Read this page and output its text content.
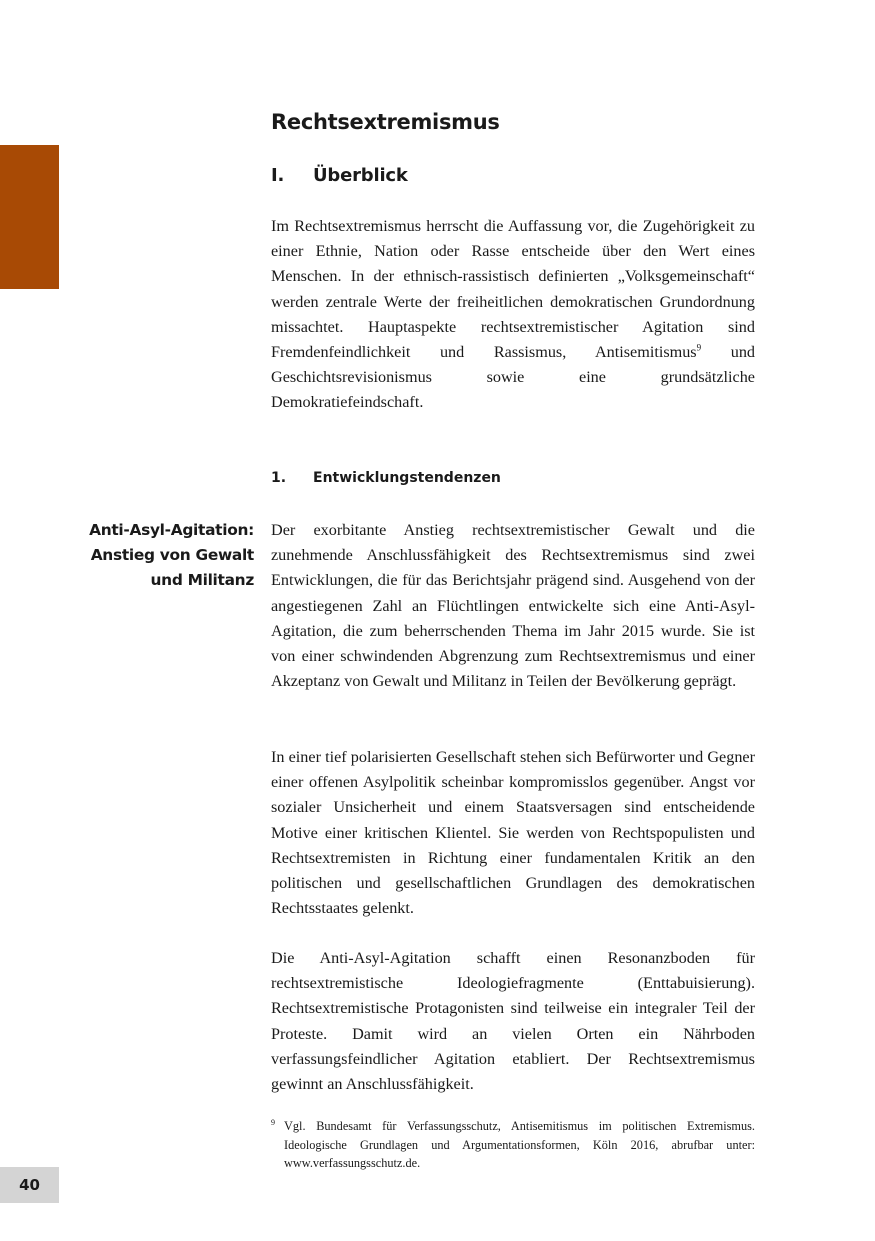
Rechtsextremismus
I. Überblick

Im Rechtsextremismus herrscht die Auffassung vor, die Zugehörigkeit zu einer Ethnie, Nation oder Rasse entscheide über den Wert eines Menschen. In der ethnisch-rassistisch definierten „Volksgemeinschaft“ werden zentrale Werte der freiheitlichen demokratischen Grundordnung missachtet. Hauptaspekte rechtsextremistischer Agitation sind Fremdenfeindlichkeit und Rassismus, Antisemitismus$^9$ und Geschichtsrevisionismus sowie eine grundsätzliche Demokratiefeindschaft.

1. Entwicklungstendenzen

Anti-Asyl-Agitation:
Anstieg von Gewalt
und Militanz

Der exorbitante Anstieg rechtsextremistischer Gewalt und die zunehmende Anschlussfähigkeit des Rechtsextremismus sind zwei Entwicklungen, die für das Berichtsjahr prägend sind. Ausgehend von der angestiegenen Zahl an Flüchtlingen entwickelte sich eine Anti-Asyl-Agitation, die zum beherrschenden Thema im Jahr 2015 wurde. Sie ist von einer schwindenden Abgrenzung zum Rechtsextremismus und einer Akzeptanz von Gewalt und Militanz in Teilen der Bevölkerung geprägt.

In einer tief polarisierten Gesellschaft stehen sich Befürworter und Gegner einer offenen Asylpolitik scheinbar kompromisslos gegenüber. Angst vor sozialer Unsicherheit und einem Staatsversagen sind entscheidende Motive einer kritischen Klientel. Sie werden von Rechtspopulisten und Rechtsextremisten in Richtung einer fundamentalen Kritik an den politischen und gesellschaftlichen Grundlagen des demokratischen Rechtsstaates gelenkt.

Die Anti-Asyl-Agitation schafft einen Resonanzboden für rechtsextremistische Ideologiefragmente (Enttabuisierung). Rechtsextremistische Protagonisten sind teilweise ein integraler Teil der Proteste. Damit wird an vielen Orten ein Nährboden verfassungsfeindlicher Agitation etabliert. Der Rechtsextremismus gewinnt an Anschlussfähigkeit.

9 Vgl. Bundesamt für Verfassungsschutz, Antisemitismus im politischen Extremismus. Ideologische Grundlagen und Argumentationsformen, Köln 2016, abrufbar unter: www.verfassungsschutz.de.
40
